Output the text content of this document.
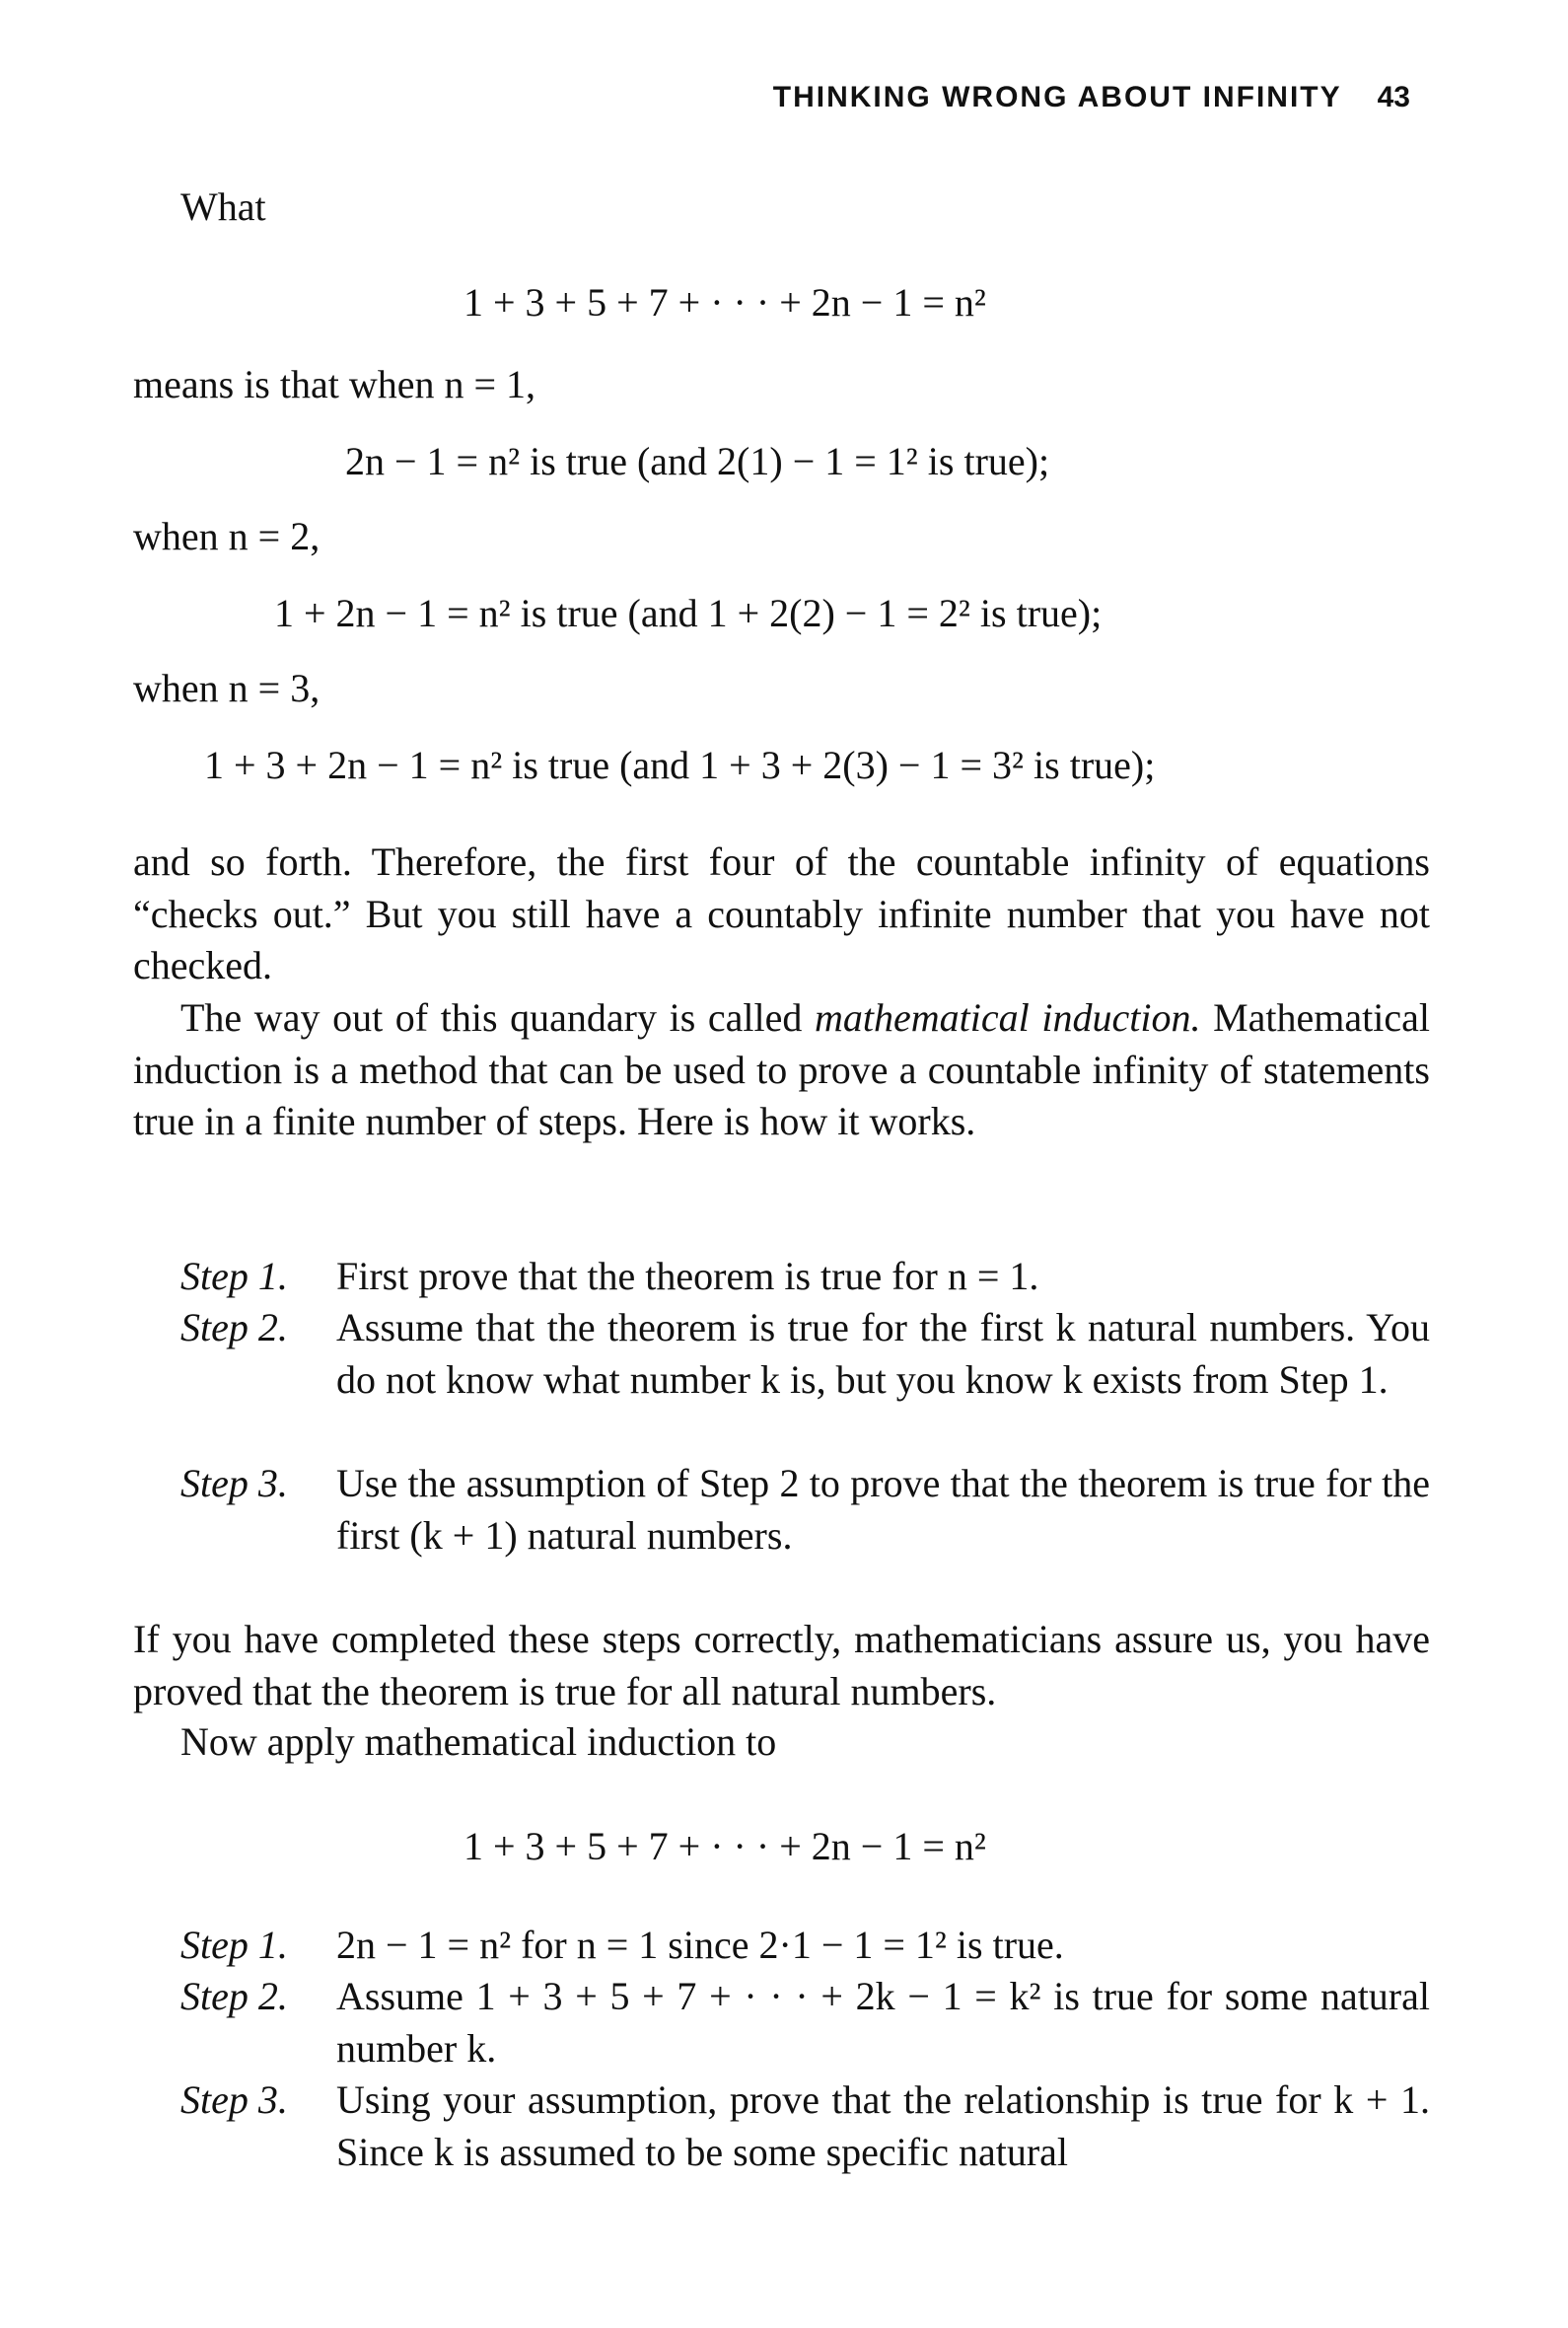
THINKING WRONG ABOUT INFINITY 43
What
1 + 3 + 5 + 7 + · · · + 2n − 1 = n²
means is that when n = 1,
2n − 1 = n² is true (and 2(1) − 1 = 1² is true);
when n = 2,
1 + 2n − 1 = n² is true (and 1 + 2(2) − 1 = 2² is true);
when n = 3,
1 + 3 + 2n − 1 = n² is true (and 1 + 3 + 2(3) − 1 = 3² is true);
and so forth. Therefore, the first four of the countable infinity of equations “checks out.” But you still have a countably infinite number that you have not checked.
The way out of this quandary is called mathematical induction. Mathematical induction is a method that can be used to prove a countable infinity of statements true in a finite number of steps. Here is how it works.
Step 1. First prove that the theorem is true for n = 1.
Step 2. Assume that the theorem is true for the first k natural numbers. You do not know what number k is, but you know k exists from Step 1.
Step 3. Use the assumption of Step 2 to prove that the theorem is true for the first (k + 1) natural numbers.
If you have completed these steps correctly, mathematicians assure us, you have proved that the theorem is true for all natural numbers.
Now apply mathematical induction to
1 + 3 + 5 + 7 + · · · + 2n − 1 = n²
Step 1. 2n − 1 = n² for n = 1 since 2·1 − 1 = 1² is true.
Step 2. Assume 1 + 3 + 5 + 7 + · · · + 2k − 1 = k² is true for some natural number k.
Step 3. Using your assumption, prove that the relationship is true for k + 1. Since k is assumed to be some specific natural
